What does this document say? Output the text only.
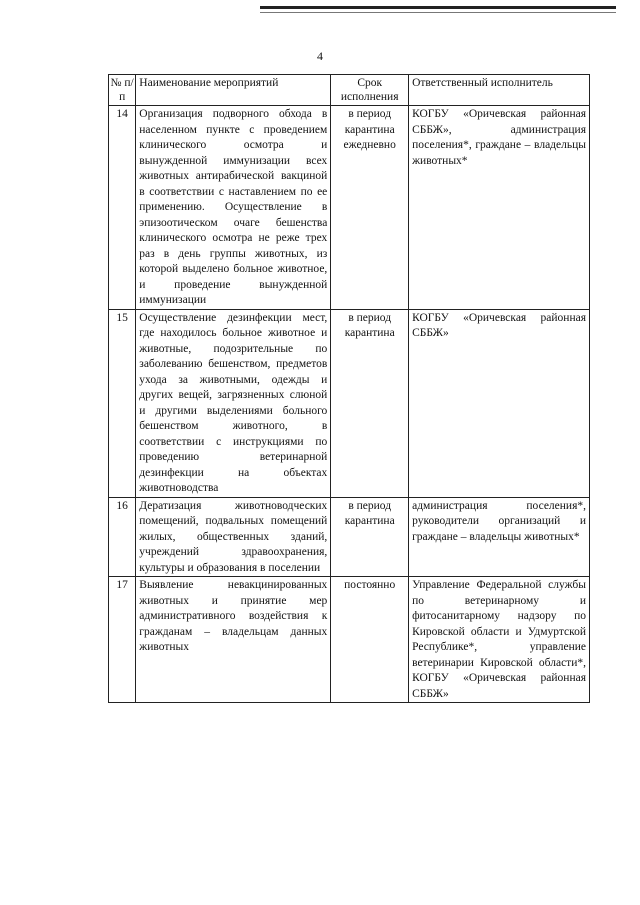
4
№ п/п	Наименование мероприятий	Срок исполнения	Ответственный исполнитель
14	Организация подворного обхода в населенном пункте с проведением клинического осмотра и вынужденной иммунизации всех животных антирабической вакциной в соответствии с наставлением по ее применению. Осуществление в эпизоотическом очаге бешенства клинического осмотра не реже трех раз в день группы животных, из которой выделено больное животное, и проведение вынужденной иммунизации	в период карантина ежедневно	КОГБУ «Оричевская районная СББЖ», администрация поселения*, граждане – владельцы животных*
15	Осуществление дезинфекции мест, где находилось больное животное и животные, подозрительные по заболеванию бешенством, предметов ухода за животными, одежды и других вещей, загрязненных слюной и другими выделениями больного бешенством животного, в соответствии с инструкциями по проведению ветеринарной дезинфекции на объектах животноводства	в период карантина	КОГБУ «Оричевская районная СББЖ»
16	Дератизация животноводческих помещений, подвальных помещений жилых, общественных зданий, учреждений здравоохранения, культуры и образования в поселении	в период карантина	администрация поселения*, руководители организаций и граждане – владельцы животных*
17	Выявление невакцинированных животных и принятие мер административного воздействия к гражданам – владельцам данных животных	постоянно	Управление Федеральной службы по ветеринарному и фитосанитарному надзору по Кировской области и Удмуртской Республике*, управление ветеринарии Кировской области*, КОГБУ «Оричевская районная СББЖ»
